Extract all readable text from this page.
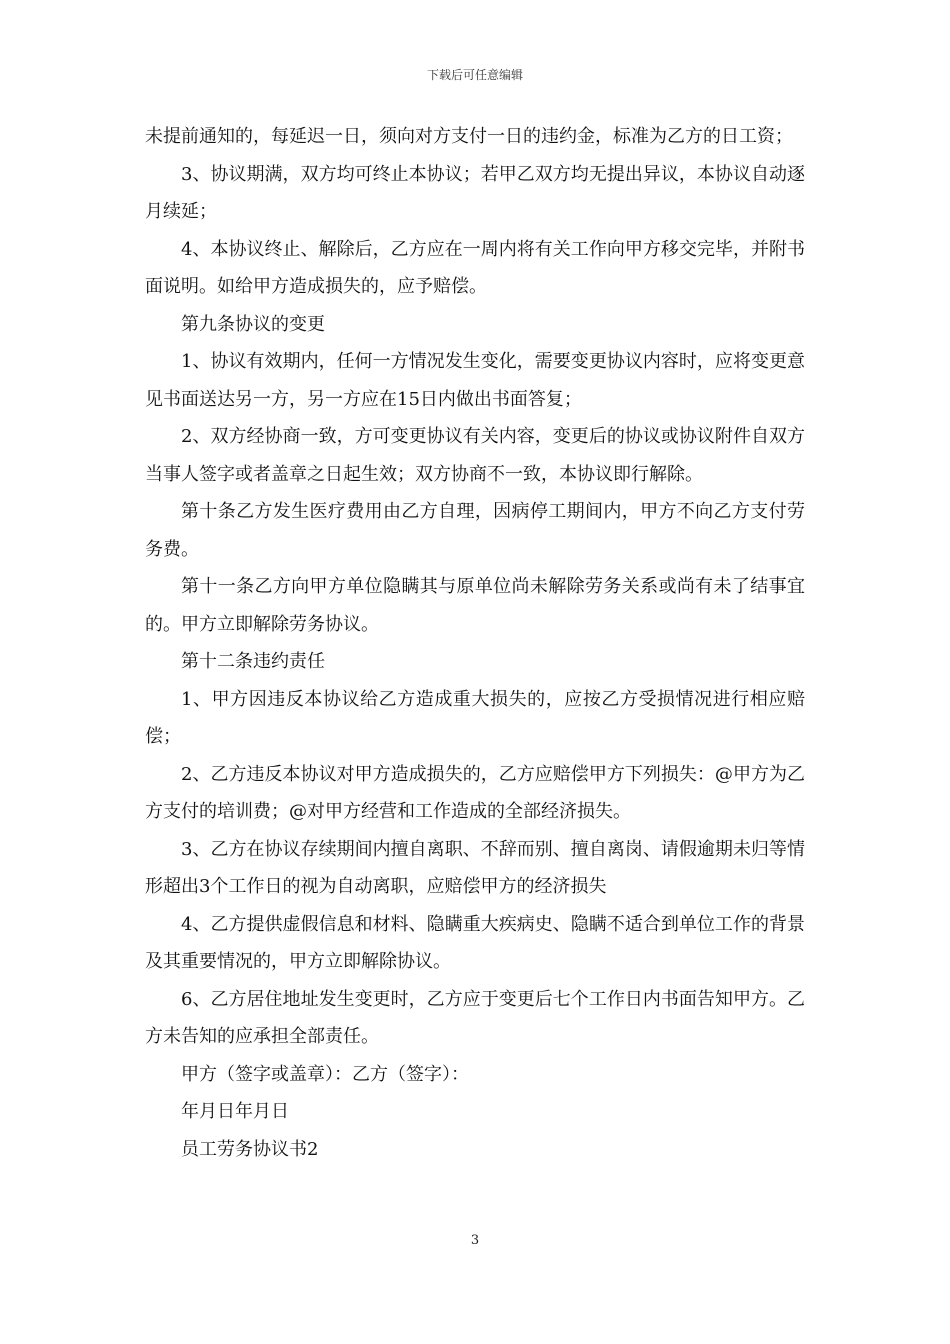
下载后可任意编辑

未提前通知的，每延迟一日，须向对方支付一日的违约金，标准为乙方的日工资；

3、协议期满，双方均可终止本协议；若甲乙双方均无提出异议，本协议自动逐月续延；

4、本协议终止、解除后，乙方应在一周内将有关工作向甲方移交完毕，并附书面说明。如给甲方造成损失的，应予赔偿。

第九条协议的变更

1、协议有效期内，任何一方情况发生变化，需要变更协议内容时，应将变更意见书面送达另一方，另一方应在15日内做出书面答复；

2、双方经协商一致，方可变更协议有关内容，变更后的协议或协议附件自双方当事人签字或者盖章之日起生效；双方协商不一致，本协议即行解除。

第十条乙方发生医疗费用由乙方自理，因病停工期间内，甲方不向乙方支付劳务费。

第十一条乙方向甲方单位隐瞒其与原单位尚未解除劳务关系或尚有未了结事宜的。甲方立即解除劳务协议。

第十二条违约责任

1、甲方因违反本协议给乙方造成重大损失的，应按乙方受损情况进行相应赔偿；

2、乙方违反本协议对甲方造成损失的，乙方应赔偿甲方下列损失：@甲方为乙方支付的培训费；@对甲方经营和工作造成的全部经济损失。

3、乙方在协议存续期间内擅自离职、不辞而别、擅自离岗、请假逾期未归等情形超出3个工作日的视为自动离职，应赔偿甲方的经济损失

4、乙方提供虚假信息和材料、隐瞒重大疾病史、隐瞒不适合到单位工作的背景及其重要情况的，甲方立即解除协议。

6、乙方居住地址发生变更时，乙方应于变更后七个工作日内书面告知甲方。乙方未告知的应承担全部责任。

甲方（签字或盖章）：乙方（签字）：

年月日年月日

员工劳务协议书2

3
